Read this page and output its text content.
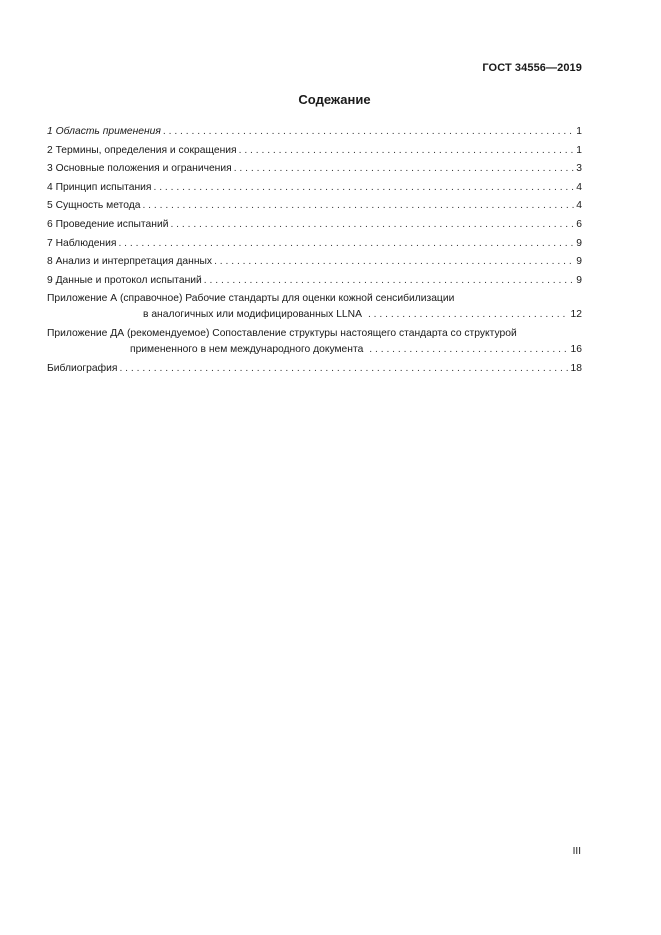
ГОСТ 34556—2019
Содежание
1 Область применения . . .	1
2 Термины, определения и сокращения . . .	1
3 Основные положения и ограничения . . .	3
4 Принцип испытания . . .	4
5 Сущность метода . . .	4
6 Проведение испытаний . . .	6
7 Наблюдения . . .	9
8 Анализ и интерпретация данных . . .	9
9 Данные и протокол испытаний . . .	9
Приложение А (справочное) Рабочие стандарты для оценки кожной сенсибилизации
в аналогичных или модифицированных LLNA . . .	12
Приложение ДА (рекомендуемое) Сопоставление структуры настоящего стандарта со структурой
примененного в нем международного документа . . .	16
Библиография . . .	18
III
